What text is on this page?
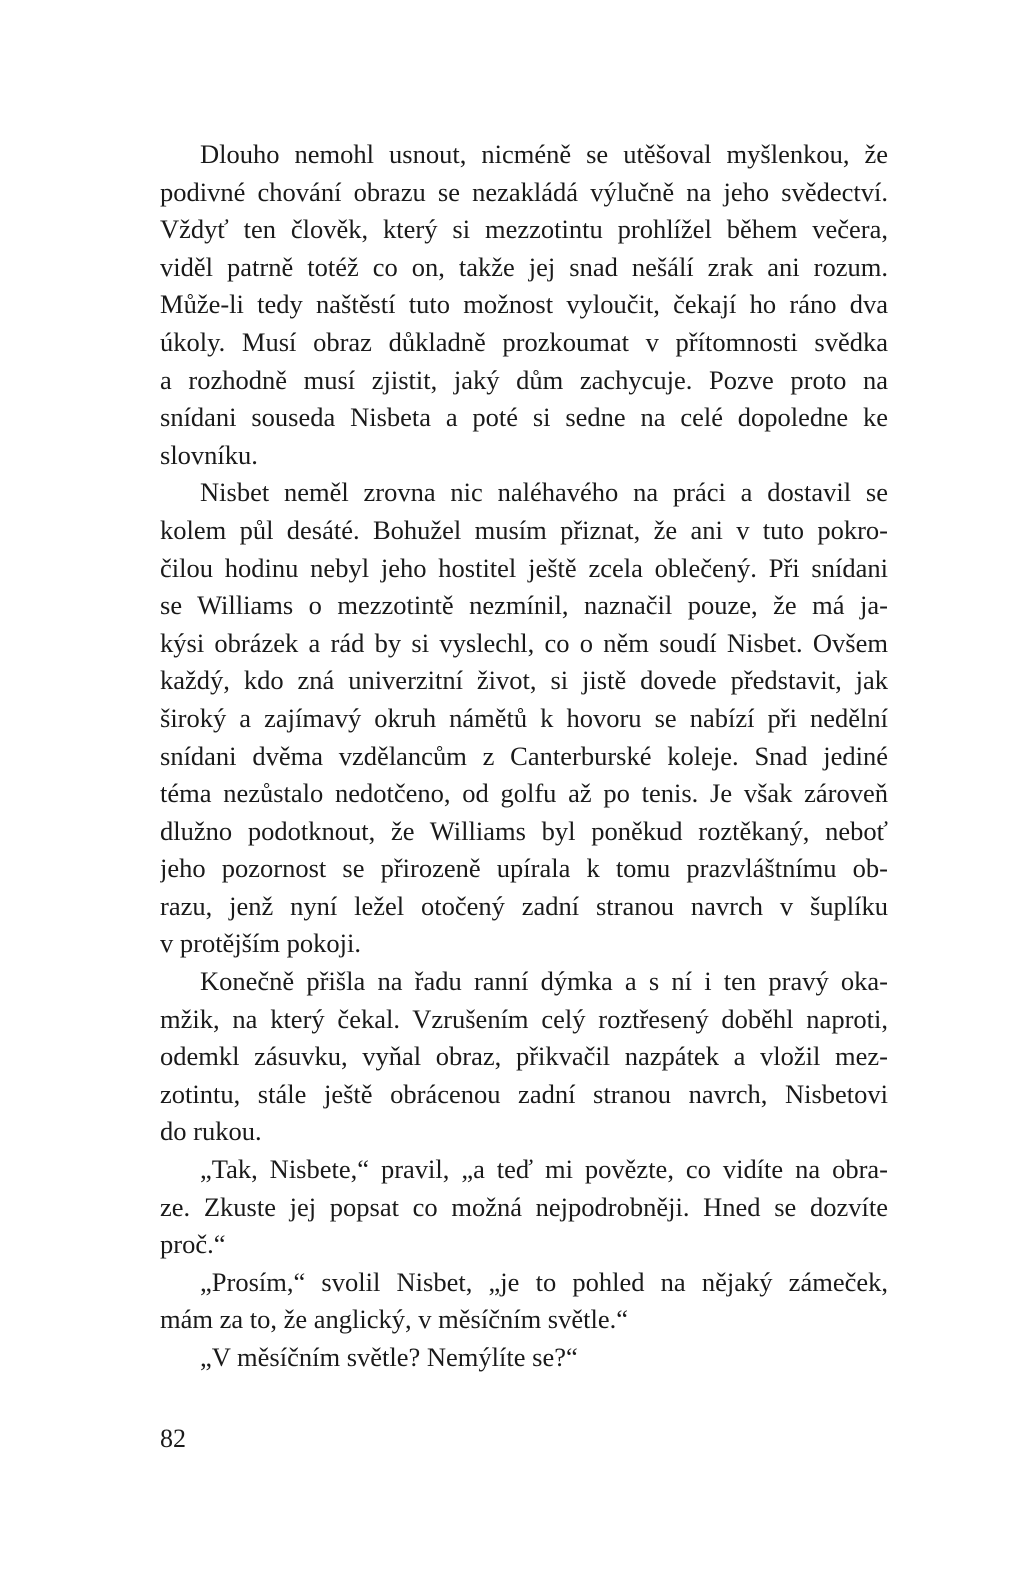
Dlouho nemohl usnout, nicméně se utěšoval myšlenkou, že
podivné chování obrazu se nezakládá výlučně na jeho svědectví.
Vždyť ten člověk, který si mezzotintu prohlížel během večera,
viděl patrně totéž co on, takže jej snad nešálí zrak ani rozum.
Může-li tedy naštěstí tuto možnost vyloučit, čekají ho ráno dva
úkoly. Musí obraz důkladně prozkoumat v přítomnosti svědka
a rozhodně musí zjistit, jaký dům zachycuje. Pozve proto na
snídani souseda Nisbeta a poté si sedne na celé dopoledne ke
slovníku.
Nisbet neměl zrovna nic naléhavého na práci a dostavil se
kolem půl desáté. Bohužel musím přiznat, že ani v tuto pokro-
čilou hodinu nebyl jeho hostitel ještě zcela oblečený. Při snídani
se Williams o mezzotintě nezmínil, naznačil pouze, že má ja-
kýsi obrázek a rád by si vyslechl, co o něm soudí Nisbet. Ovšem
každý, kdo zná univerzitní život, si jistě dovede představit, jak
široký a zajímavý okruh námětů k hovoru se nabízí při nedělní
snídani dvěma vzdělancům z Canterburské koleje. Snad jediné
téma nezůstalo nedotčeno, od golfu až po tenis. Je však zároveň
dlužno podotknout, že Williams byl poněkud roztěkaný, neboť
jeho pozornost se přirozeně upírala k tomu prazvláštnímu ob-
razu, jenž nyní ležel otočený zadní stranou navrch v šuplíku
v protějším pokoji.
Konečně přišla na řadu ranní dýmka a s ní i ten pravý oka-
mžik, na který čekal. Vzrušením celý roztřesený doběhl naproti,
odemkl zásuvku, vyňal obraz, přikvačil nazpátek a vložil mez-
zotintu, stále ještě obrácenou zadní stranou navrch, Nisbetovi
do rukou.
„Tak, Nisbete,“ pravil, „a teď mi povězte, co vidíte na obra-
ze. Zkuste jej popsat co možná nejpodrobněji. Hned se dozvíte
proč.“
„Prosím,“ svolil Nisbet, „je to pohled na nějaký zámeček,
mám za to, že anglický, v měsíčním světle.“
„V měsíčním světle? Nemýlíte se?“
82
